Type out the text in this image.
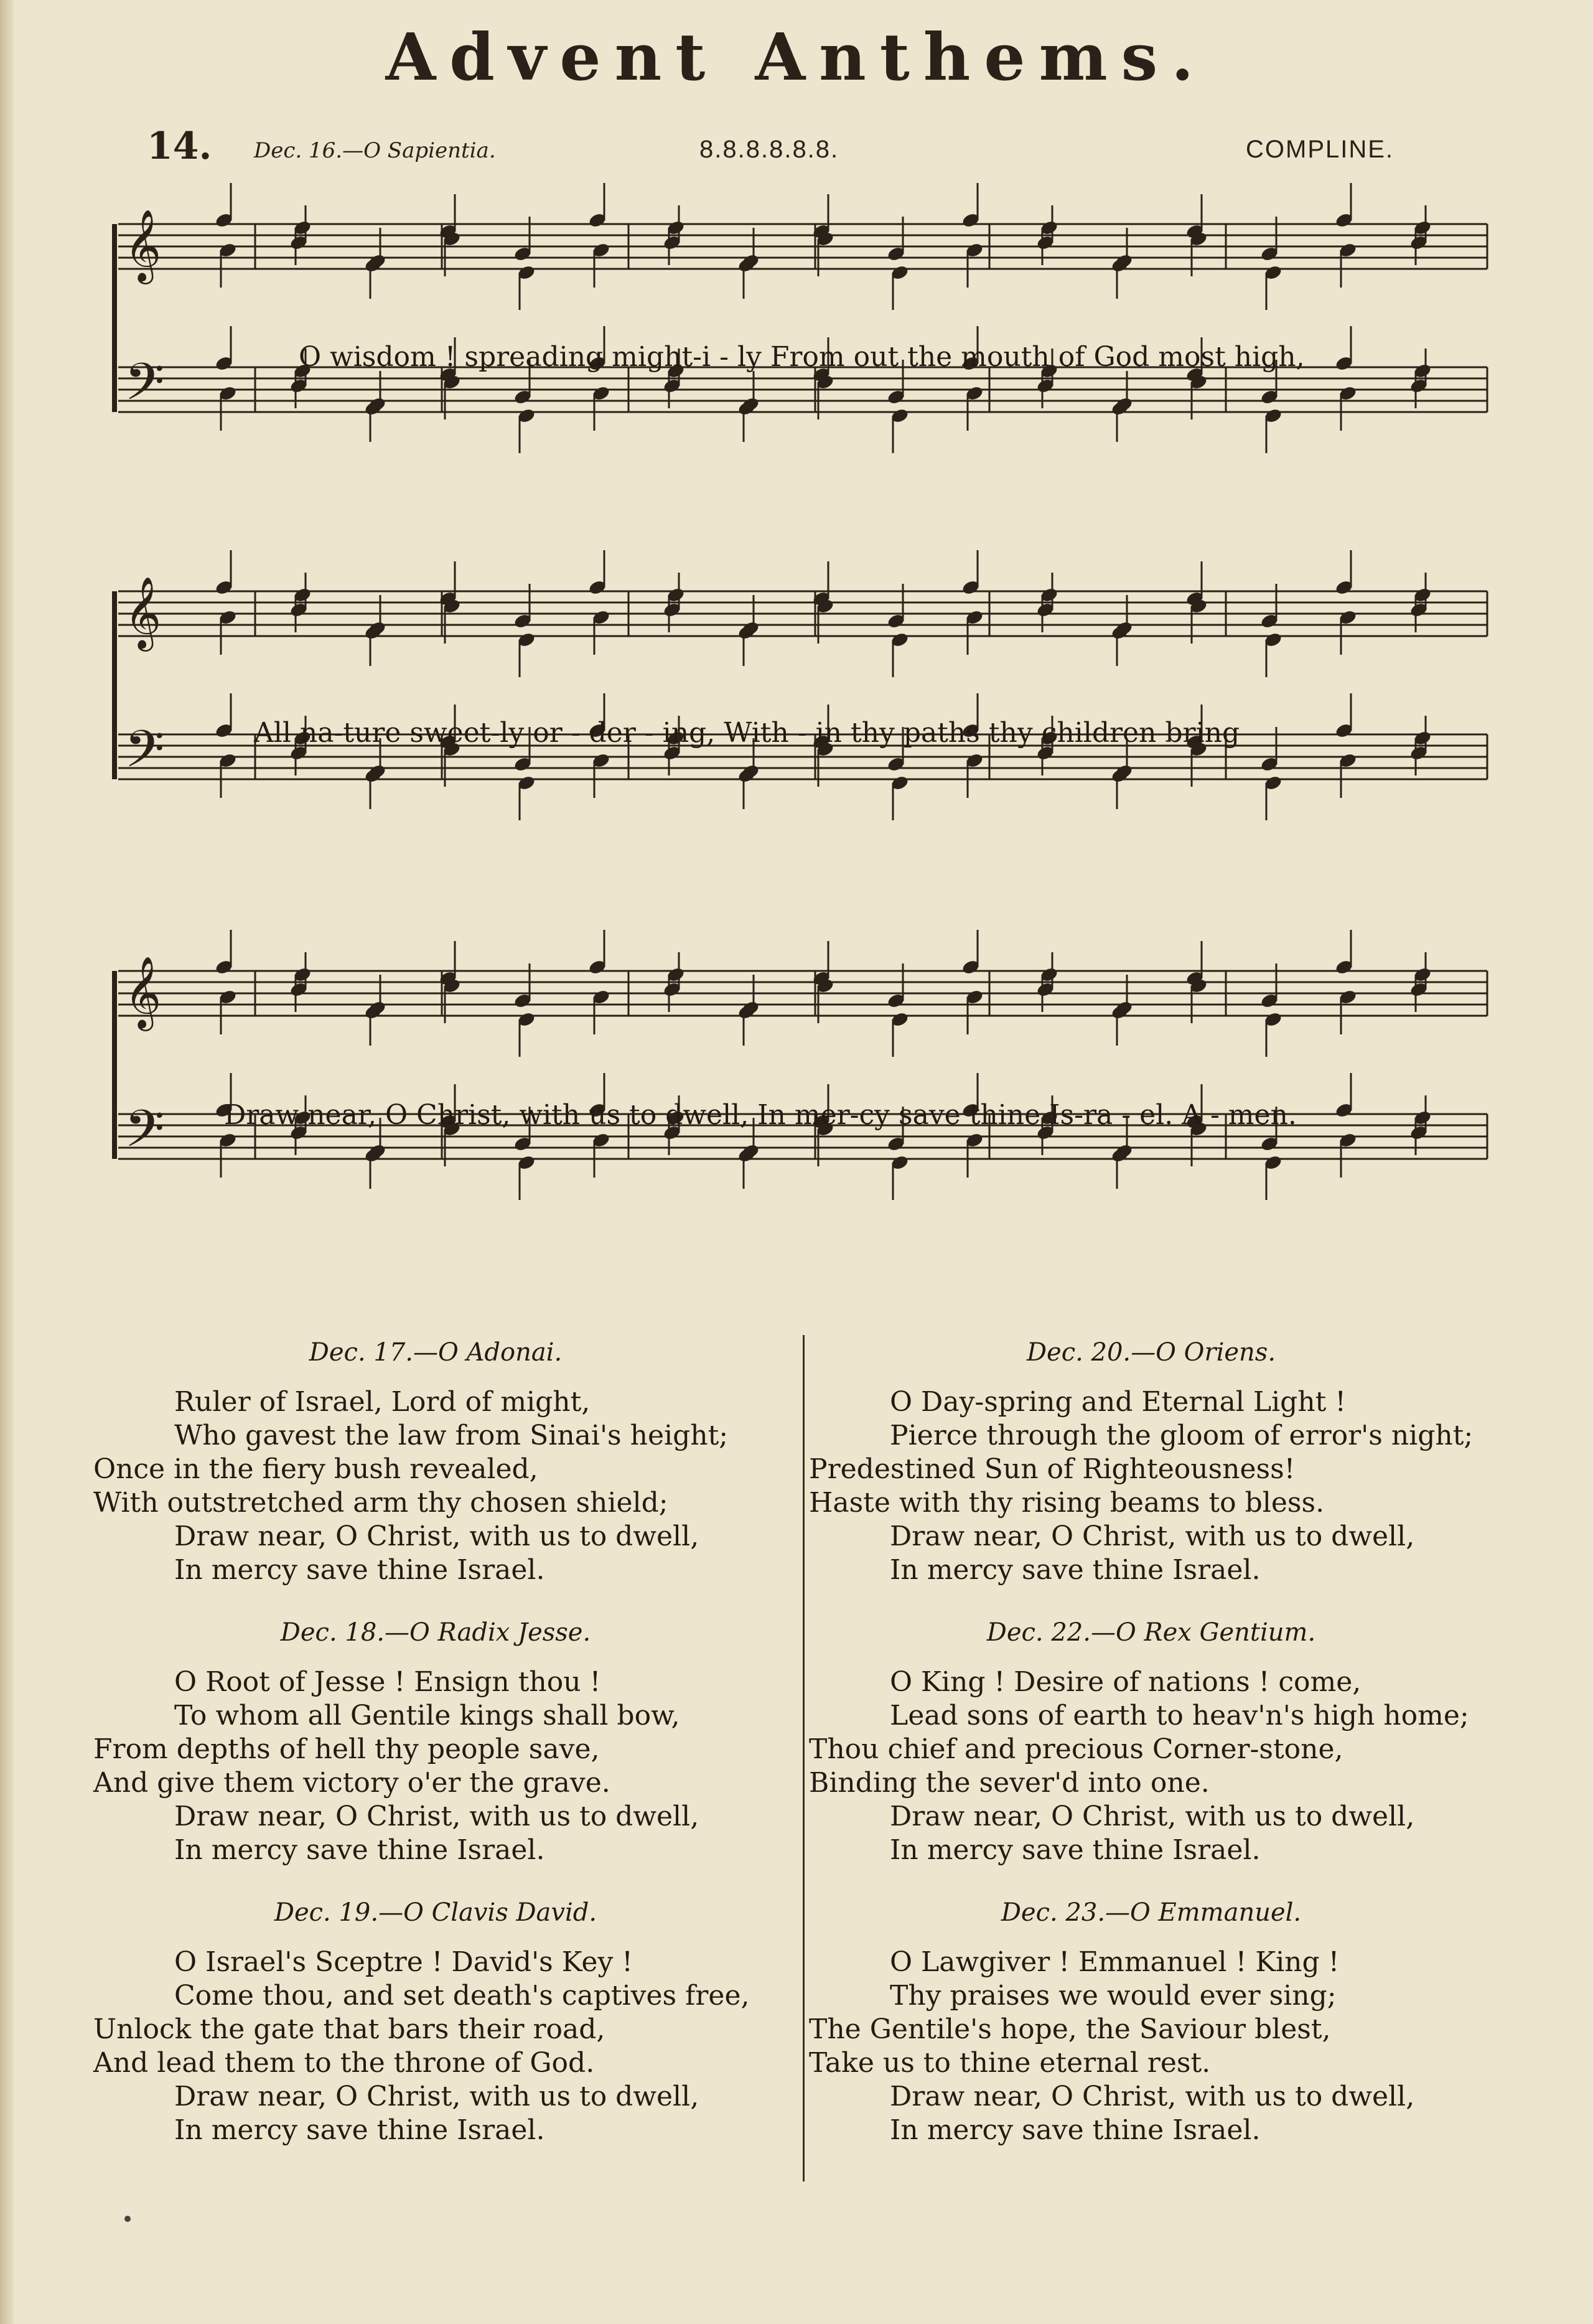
Advent Anthems.
14. Dec. 16.—O Sapientia.	8.8.8.8.8.8.	COMPLINE.
𝄞
𝄢
𝄞
𝄢
𝄞
𝄢
O wisdom ! spreading might-i - ly From out the mouth of God most high,
All na-ture sweet-ly or - der - ing, With - in thy paths thy children bring
Draw near, O Christ, with us to dwell, In mer-cy save thine Is-ra - el. A - men.
Dec. 17.—O Adonai.
Ruler of Israel, Lord of might,
Who gavest the law from Sinai's height;
Once in the fiery bush revealed,
With outstretched arm thy chosen shield;
Draw near, O Christ, with us to dwell,
In mercy save thine Israel.
Dec. 18.—O Radix Jesse.
O Root of Jesse ! Ensign thou !
To whom all Gentile kings shall bow,
From depths of hell thy people save,
And give them victory o'er the grave.
Draw near, O Christ, with us to dwell,
In mercy save thine Israel.
Dec. 19.—O Clavis David.
O Israel's Sceptre ! David's Key !
Come thou, and set death's captives free,
Unlock the gate that bars their road,
And lead them to the throne of God.
Draw near, O Christ, with us to dwell,
In mercy save thine Israel.
Dec. 20.—O Oriens.
O Day-spring and Eternal Light !
Pierce through the gloom of error's night;
Predestined Sun of Righteousness!
Haste with thy rising beams to bless.
Draw near, O Christ, with us to dwell,
In mercy save thine Israel.
Dec. 22.—O Rex Gentium.
O King ! Desire of nations ! come,
Lead sons of earth to heav'n's high home;
Thou chief and precious Corner-stone,
Binding the sever'd into one.
Draw near, O Christ, with us to dwell,
In mercy save thine Israel.
Dec. 23.—O Emmanuel.
O Lawgiver ! Emmanuel ! King !
Thy praises we would ever sing;
The Gentile's hope, the Saviour blest,
Take us to thine eternal rest.
Draw near, O Christ, with us to dwell,
In mercy save thine Israel.
